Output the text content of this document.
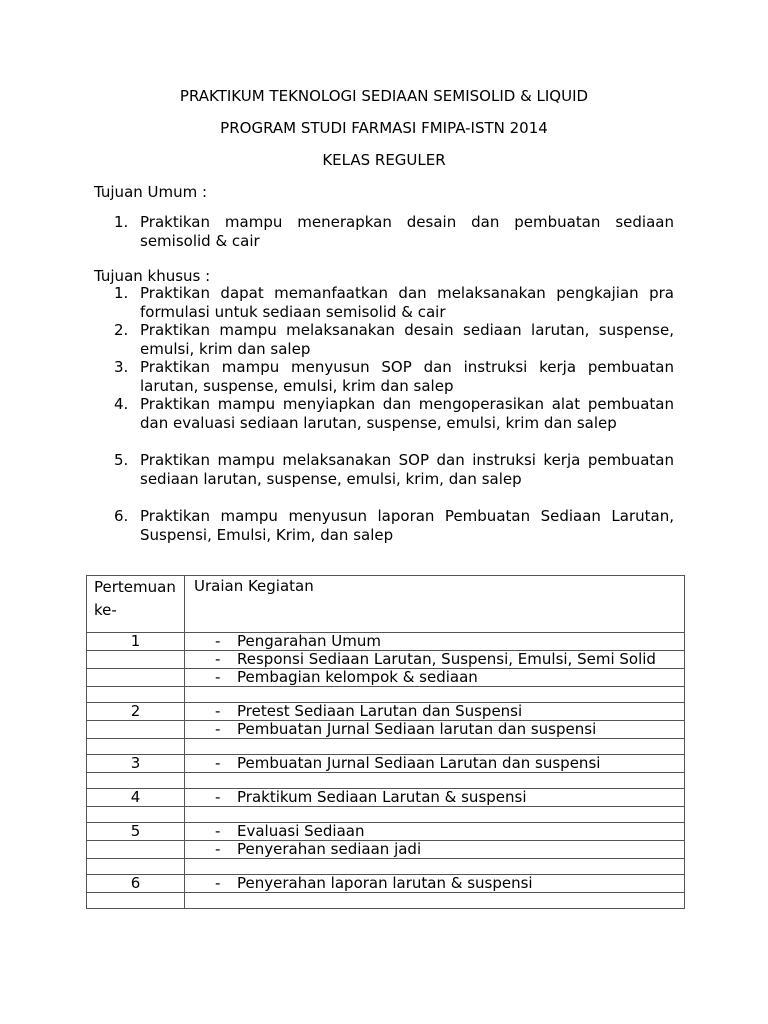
PRAKTIKUM TEKNOLOGI SEDIAAN SEMISOLID & LIQUID
PROGRAM STUDI FARMASI FMIPA-ISTN 2014
KELAS REGULER
Tujuan Umum :
1. Praktikan mampu menerapkan desain dan pembuatan sediaan semisolid & cair
Tujuan khusus :
1. Praktikan dapat memanfaatkan dan melaksanakan pengkajian pra formulasi untuk sediaan semisolid & cair
2. Praktikan mampu melaksanakan desain sediaan larutan, suspense, emulsi, krim dan salep
3. Praktikan mampu menyusun SOP dan instruksi kerja pembuatan larutan, suspense, emulsi, krim dan salep
4. Praktikan mampu menyiapkan dan mengoperasikan alat pembuatan dan evaluasi sediaan larutan, suspense, emulsi, krim dan salep
5. Praktikan mampu melaksanakan SOP dan instruksi kerja pembuatan sediaan larutan, suspense, emulsi, krim, dan salep
6. Praktikan mampu menyusun laporan Pembuatan Sediaan Larutan, Suspensi, Emulsi, Krim, dan salep
Pertemuan ke-	Uraian Kegiatan

1	- Pengarahan Umum

	- Responsi Sediaan Larutan, Suspensi, Emulsi, Semi Solid

	- Pembagian kelompok & sediaan

2	- Pretest Sediaan Larutan dan Suspensi

	- Pembuatan Jurnal Sediaan larutan dan suspensi

3	- Pembuatan Jurnal Sediaan Larutan dan suspensi

4	- Praktikum Sediaan Larutan & suspensi

5	- Evaluasi Sediaan

	- Penyerahan sediaan jadi

6	- Penyerahan laporan larutan & suspensi
